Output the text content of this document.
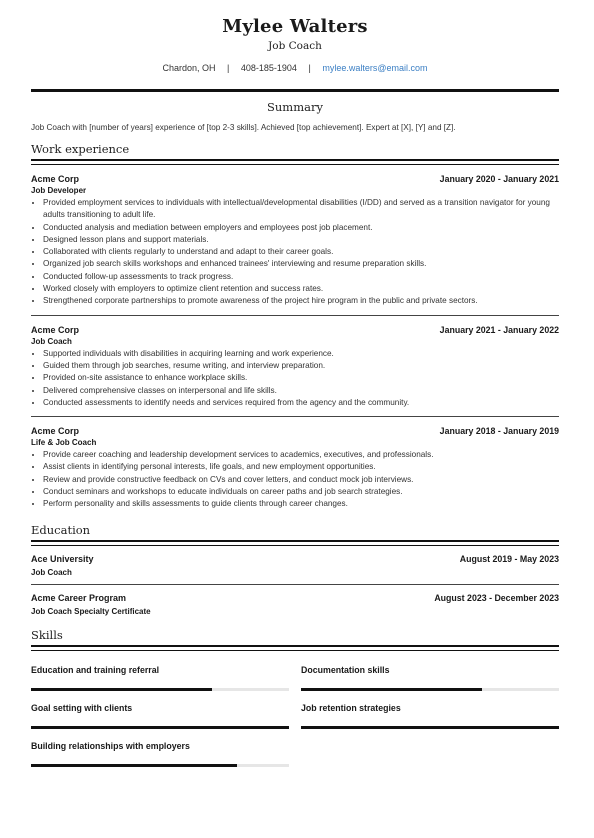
Mylee Walters
Job Coach
Chardon, OH | 408-185-1904 | mylee.walters@email.com
Summary
Job Coach with [number of years] experience of [top 2-3 skills]. Achieved [top achievement]. Expert at [X], [Y] and [Z].
Work experience
Acme Corp	January 2020 - January 2021
Job Developer
• Provided employment services to individuals with intellectual/developmental disabilities (I/DD) and served as a transition navigator for young adults transitioning to adult life.
• Conducted analysis and mediation between employers and employees post job placement.
• Designed lesson plans and support materials.
• Collaborated with clients regularly to understand and adapt to their career goals.
• Organized job search skills workshops and enhanced trainees' interviewing and resume preparation skills.
• Conducted follow-up assessments to track progress.
• Worked closely with employers to optimize client retention and success rates.
• Strengthened corporate partnerships to promote awareness of the project hire program in the public and private sectors.
Acme Corp	January 2021 - January 2022
Job Coach
• Supported individuals with disabilities in acquiring learning and work experience.
• Guided them through job searches, resume writing, and interview preparation.
• Provided on-site assistance to enhance workplace skills.
• Delivered comprehensive classes on interpersonal and life skills.
• Conducted assessments to identify needs and services required from the agency and the community.
Acme Corp	January 2018 - January 2019
Life & Job Coach
• Provide career coaching and leadership development services to academics, executives, and professionals.
• Assist clients in identifying personal interests, life goals, and new employment opportunities.
• Review and provide constructive feedback on CVs and cover letters, and conduct mock job interviews.
• Conduct seminars and workshops to educate individuals on career paths and job search strategies.
• Perform personality and skills assessments to guide clients through career changes.
Education
Ace University	August 2019 - May 2023
Job Coach
Acme Career Program	August 2023 - December 2023
Job Coach Specialty Certificate
Skills
Education and training referral	Documentation skills
Goal setting with clients	Job retention strategies
Building relationships with employers
